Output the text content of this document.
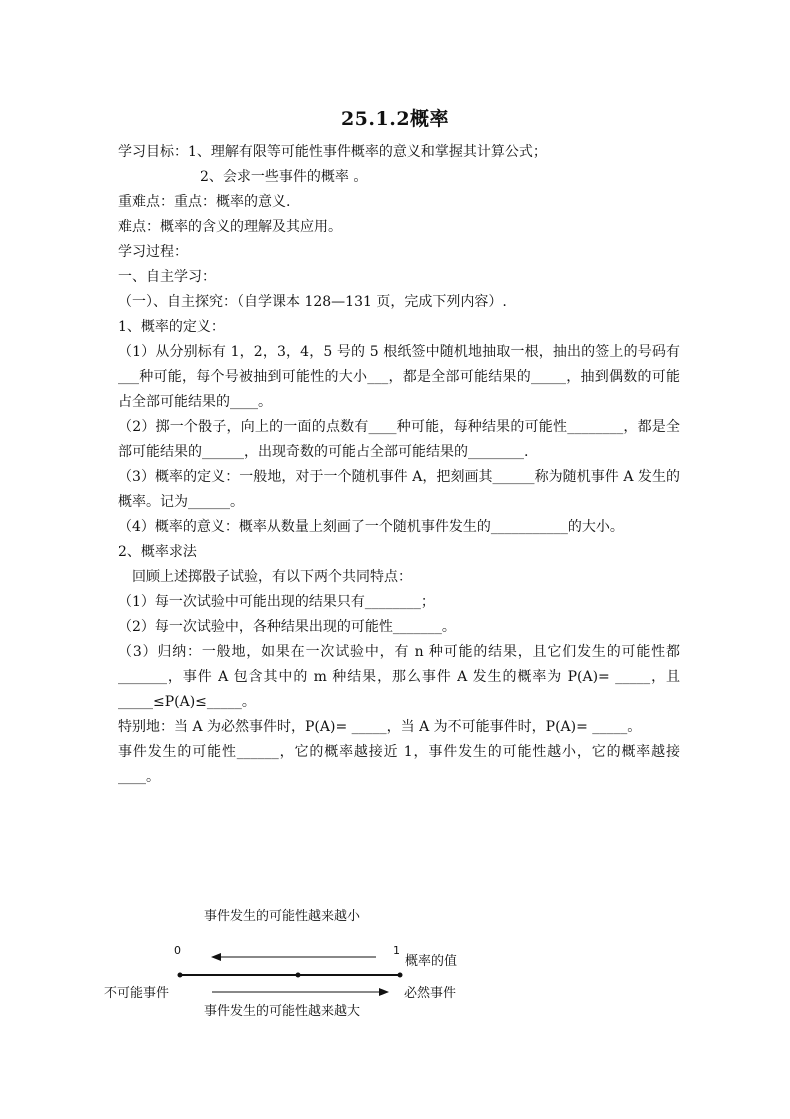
25.1.2概率

学习目标：1、理解有限等可能性事件概率的意义和掌握其计算公式；

2、会求一些事件的概率 。

重难点：重点：概率的意义.

难点：概率的含义的理解及其应用。

学习过程：

一、自主学习：

（一）、自主探究：（自学课本 128—131 页，完成下列内容）.

1、概率的定义：

（1）从分别标有 1，2，3，4，5 号的 5 根纸签中随机地抽取一根，抽出的签上的号码有___种可能，每个号被抽到可能性的大小___，都是全部可能结果的_____，抽到偶数的可能占全部可能结果的____。

（2）掷一个骰子，向上的一面的点数有____种可能，每种结果的可能性________，都是全部可能结果的______，出现奇数的可能占全部可能结果的________.

（3）概率的定义：一般地，对于一个随机事件 A，把刻画其______称为随机事件 A 发生的概率。记为______。

（4）概率的意义：概率从数量上刻画了一个随机事件发生的___________的大小。

2、概率求法

回顾上述掷骰子试验，有以下两个共同特点：

（1）每一次试验中可能出现的结果只有________；

（2）每一次试验中，各种结果出现的可能性_______。

（3）归纳：一般地，如果在一次试验中，有 n 种可能的结果，且它们发生的可能性都_______，事件 A 包含其中的 m 种结果，那么事件 A 发生的概率为 P(A)= _____，且_____≤P(A)≤_____。

特别地：当 A 为必然事件时，P(A)= _____，当 A 为不可能事件时，P(A)= _____。

事件发生的可能性______，它的概率越接近 1，事件发生的可能性越小，它的概率越接____。

事件发生的可能性越来越小
0	1
概率的值
不可能事件	必然事件
事件发生的可能性越来越大
